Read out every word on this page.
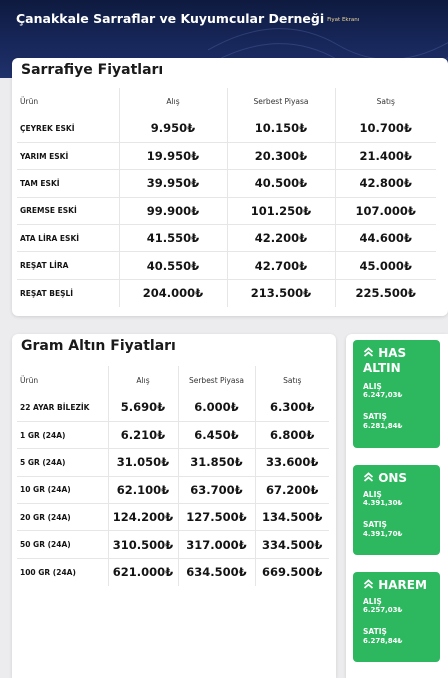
Çanakkale Sarraflar ve Kuyumcular Derneği Fiyat Ekranı
Sarrafiye Fiyatları
Ürün	Alış	Serbest Piyasa	Satış
ÇEYREK ESKİ	9.950₺	10.150₺	10.700₺
YARIM ESKİ	19.950₺	20.300₺	21.400₺
TAM ESKİ	39.950₺	40.500₺	42.800₺
GREMSE ESKİ	99.900₺	101.250₺	107.000₺
ATA LİRA ESKİ	41.550₺	42.200₺	44.600₺
REŞAT LİRA	40.550₺	42.700₺	45.000₺
REŞAT BEŞLİ	204.000₺	213.500₺	225.500₺
Gram Altın Fiyatları
Ürün	Alış	Serbest Piyasa	Satış
22 AYAR BİLEZİK	5.690₺	6.000₺	6.300₺
1 GR (24A)	6.210₺	6.450₺	6.800₺
5 GR (24A)	31.050₺	31.850₺	33.600₺
10 GR (24A)	62.100₺	63.700₺	67.200₺
20 GR (24A)	124.200₺	127.500₺	134.500₺
50 GR (24A)	310.500₺	317.000₺	334.500₺
100 GR (24A)	621.000₺	634.500₺	669.500₺
HAS
ALTIN
ALIŞ
6.247,03₺
SATIŞ
6.281,84₺
ONS
ALIŞ
4.391,30₺
SATIŞ
4.391,70₺
HAREM
ALIŞ
6.257,03₺
SATIŞ
6.278,84₺
